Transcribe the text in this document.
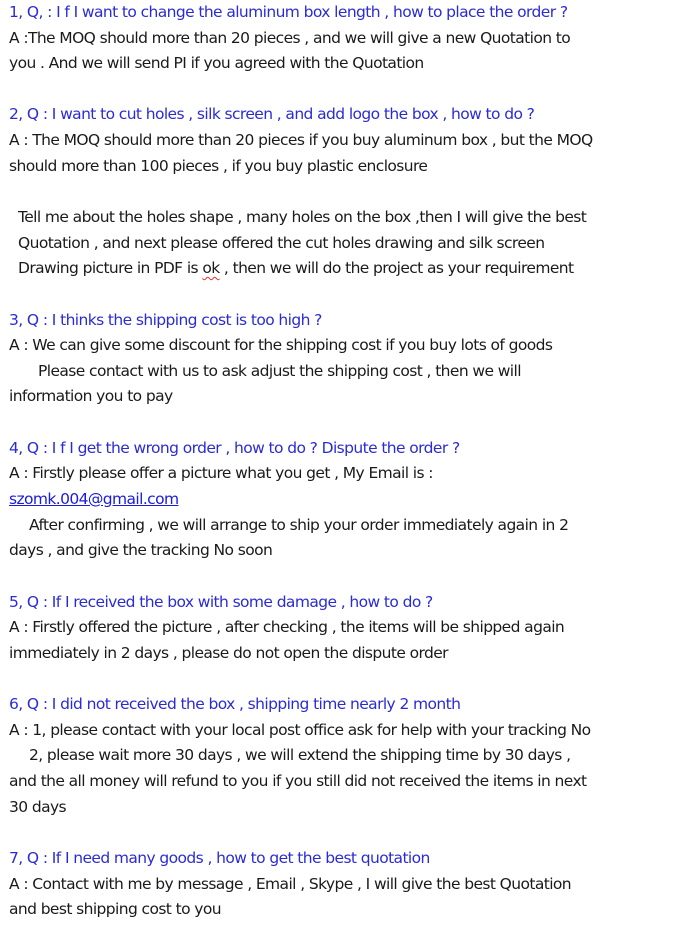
1, Q, : I f I want to change the aluminum box length , how to place the order ?
A :The MOQ should more than 20 pieces , and we will give a new Quotation to
you . And we will send PI if you agreed with the Quotation
2, Q : I want to cut holes , silk screen , and add logo the box , how to do ?
A : The MOQ should more than 20 pieces if you buy aluminum box , but the MOQ
should more than 100 pieces , if you buy plastic enclosure
Tell me about the holes shape , many holes on the box ,then I will give the best
Quotation , and next please offered the cut holes drawing and silk screen
Drawing picture in PDF is ok , then we will do the project as your requirement
3, Q : I thinks the shipping cost is too high ?
A : We can give some discount for the shipping cost if you buy lots of goods
Please contact with us to ask adjust the shipping cost , then we will
information you to pay
4, Q : I f I get the wrong order , how to do ? Dispute the order ?
A : Firstly please offer a picture what you get , My Email is :
szomk.004@gmail.com
After confirming , we will arrange to ship your order immediately again in 2
days , and give the tracking No soon
5, Q : If I received the box with some damage , how to do ?
A : Firstly offered the picture , after checking , the items will be shipped again
immediately in 2 days , please do not open the dispute order
6, Q : I did not received the box , shipping time nearly 2 month
A : 1, please contact with your local post office ask for help with your tracking No
2, please wait more 30 days , we will extend the shipping time by 30 days ,
and the all money will refund to you if you still did not received the items in next
30 days
7, Q : If I need many goods , how to get the best quotation
A : Contact with me by message , Email , Skype , I will give the best Quotation
and best shipping cost to you
